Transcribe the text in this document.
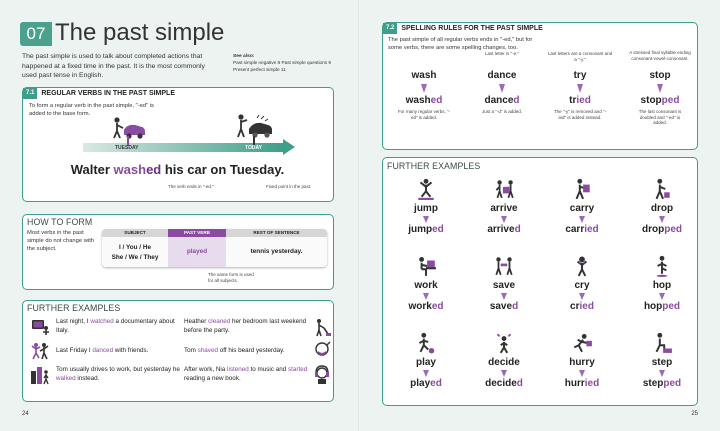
07 The past simple
The past simple is used to talk about completed actions that happened at a fixed time in the past. It is the most commonly used past tense in English.
See also:
Past simple negative 8 Past simple questions 9
Present perfect simple 11
7.1	REGULAR VERBS IN THE PAST SIMPLE
To form a regular verb in the past simple, "-ed" is added to the base form.
TUESDAY	TODAY
Walter washed his car on Tuesday.
The verb ends in "-ed."	Fixed point in the past.
HOW TO FORM
Most verbs in the past simple do not change with the subject.
SUBJECT	PAST VERB	REST OF SENTENCE
I / You / He
She / We / They
played	tennis yesterday.
The same form is used for all subjects.
FURTHER EXAMPLES
Last night, I watched a documentary about Italy.
Heather cleaned her bedroom last weekend before the party.
Last Friday I danced with friends.	Tom shaved off his beard yesterday.
Tom usually drives to work, but yesterday he walked instead.
After work, Nia listened to music and started reading a new book.
24
7.2	SPELLING RULES FOR THE PAST SIMPLE
The past simple of all regular verbs ends in "-ed," but for some verbs, there are some spelling changes, too.
wash
washed
For many regular verbs, "-ed" is added.
Last letter is "-e."
dance
danced
Just a "-d" is added.
Last letters are a consonant and a "-y."
try
tried
The "-y" is removed and "-ied" is added instead.
A stressed final syllable ending consonant-vowel-consonant.
stop
stopped
The last consonant is doubled and "-ed" is added.
FURTHER EXAMPLES
jump
jumped
arrive
arrived
carry
carried
drop
dropped
work
worked
save
saved
cry
cried
hop
hopped
play
played
decide
decided
hurry
hurried
step
stepped
25
